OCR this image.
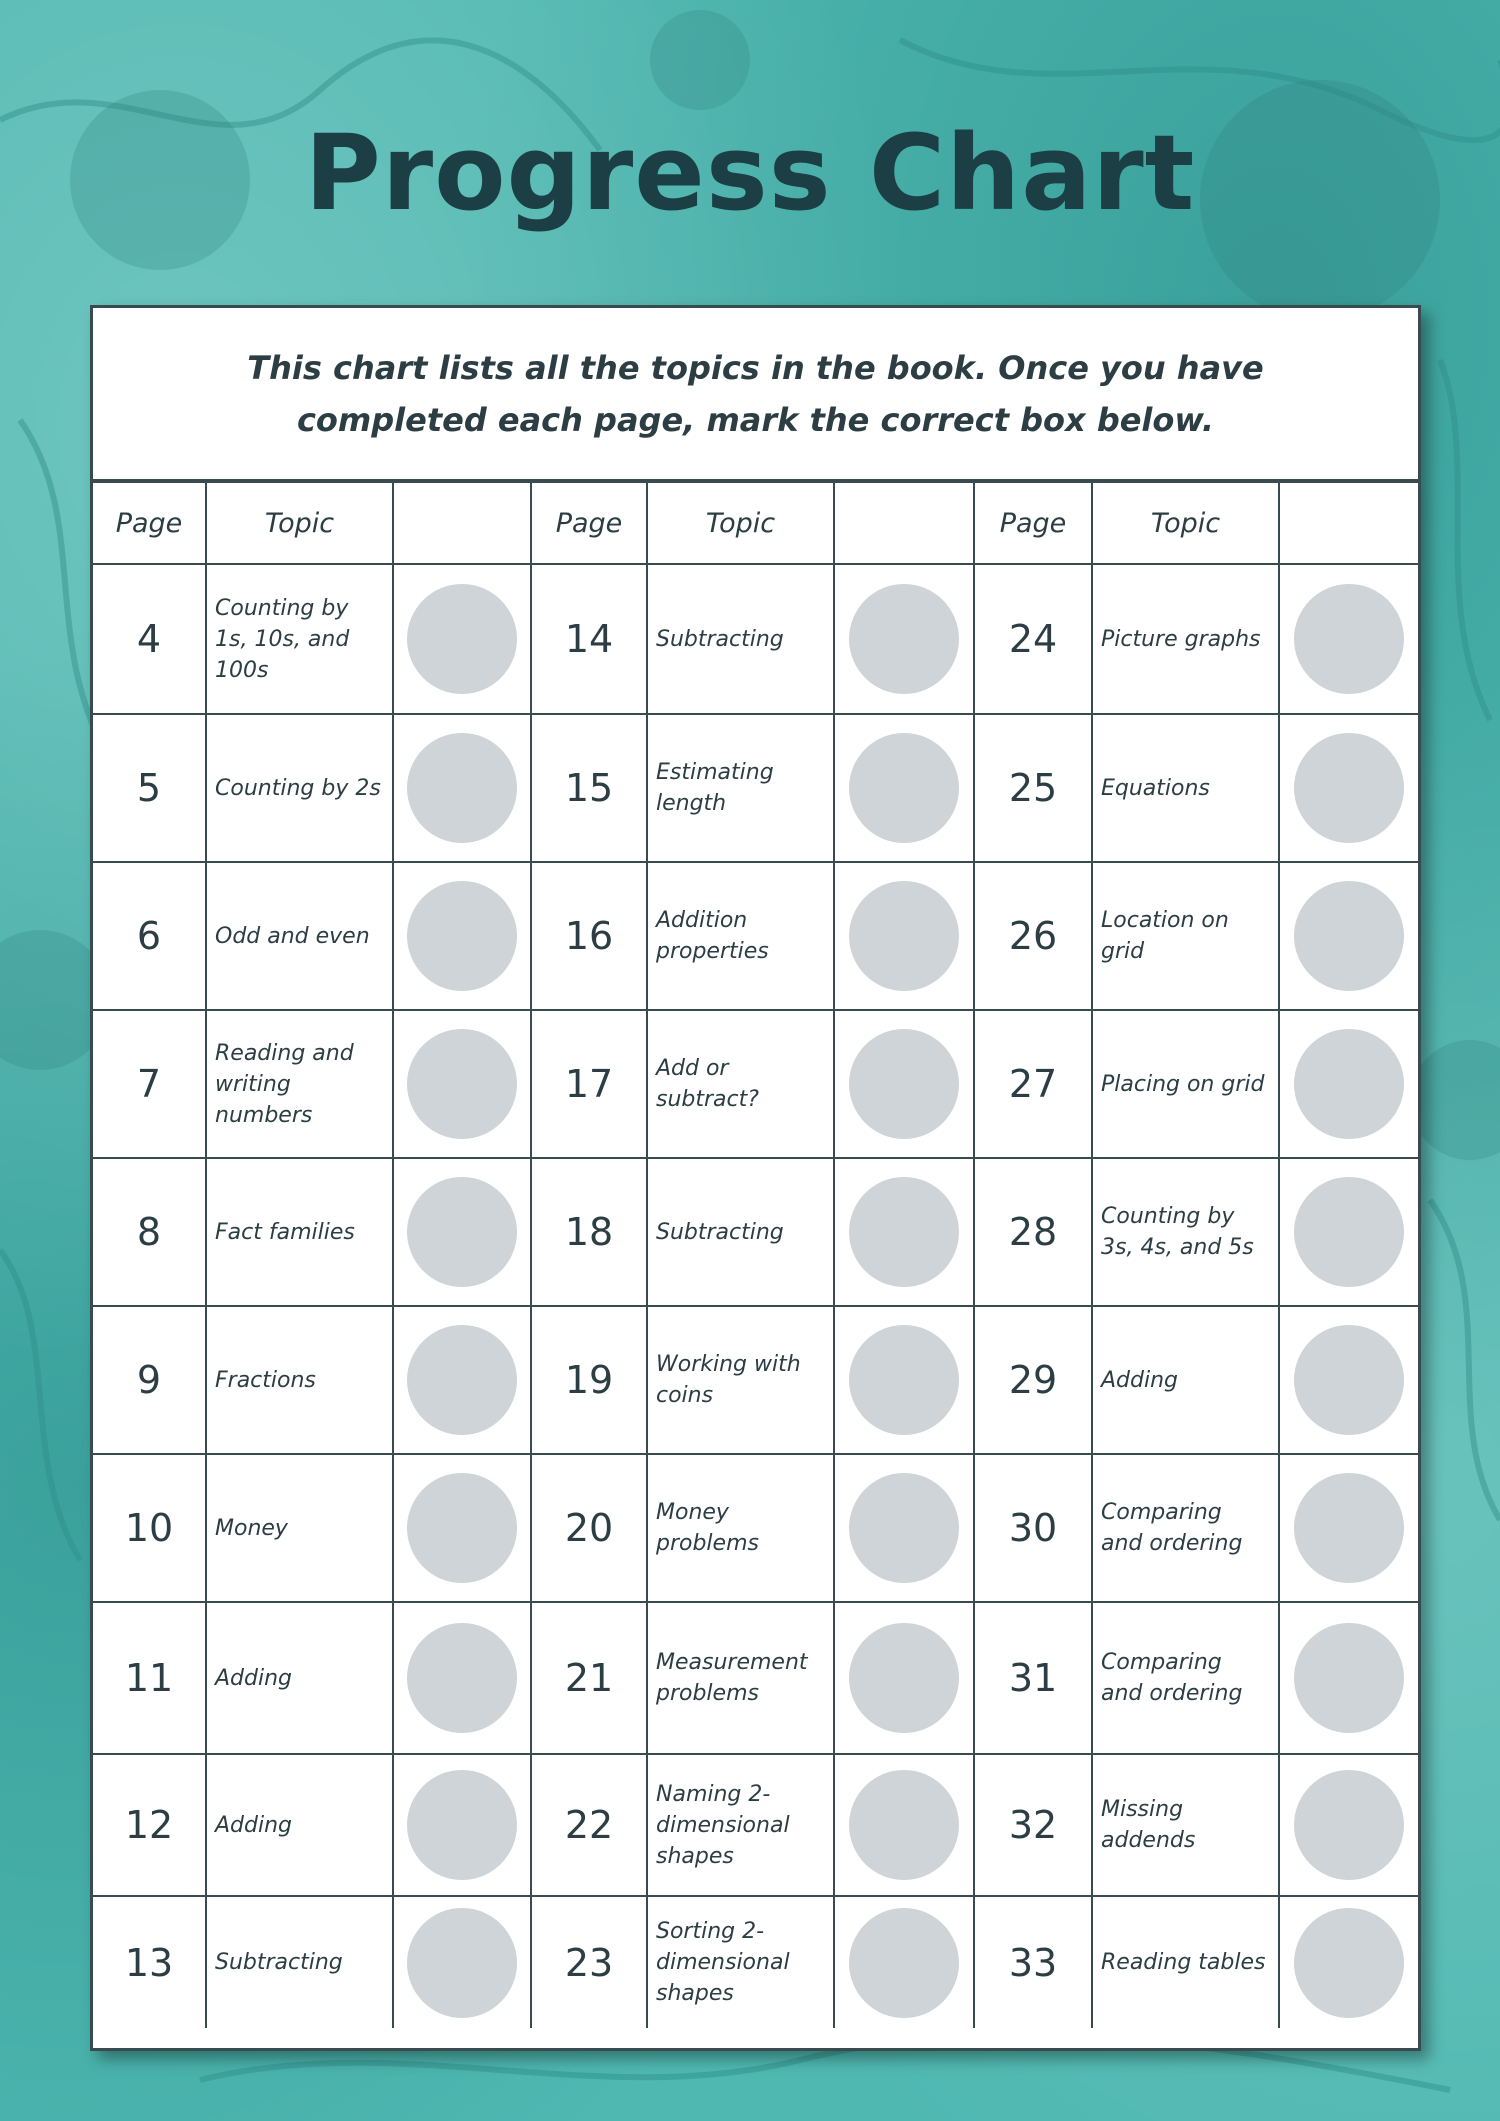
Progress Chart
This chart lists all the topics in the book. Once you have completed each page, mark the correct box below.
Page	Topic		Page	Topic		Page	Topic	
4	Counting by 1s, 10s, and 100s		14	Subtracting		24	Picture graphs	

5	Counting by 2s		15	Estimating length		25	Equations	

6	Odd and even		16	Addition properties		26	Location on grid	

7	Reading and writing numbers		17	Add or subtract?		27	Placing on grid	

8	Fact families		18	Subtracting		28	Counting by 3s, 4s, and 5s	

9	Fractions		19	Working with coins		29	Adding	

10	Money		20	Money problems		30	Comparing and ordering	

11	Adding		21	Measurement problems		31	Comparing and ordering	

12	Adding		22	Naming 2-dimensional shapes		32	Missing addends	

13	Subtracting		23	Sorting 2-dimensional shapes		33	Reading tables	
